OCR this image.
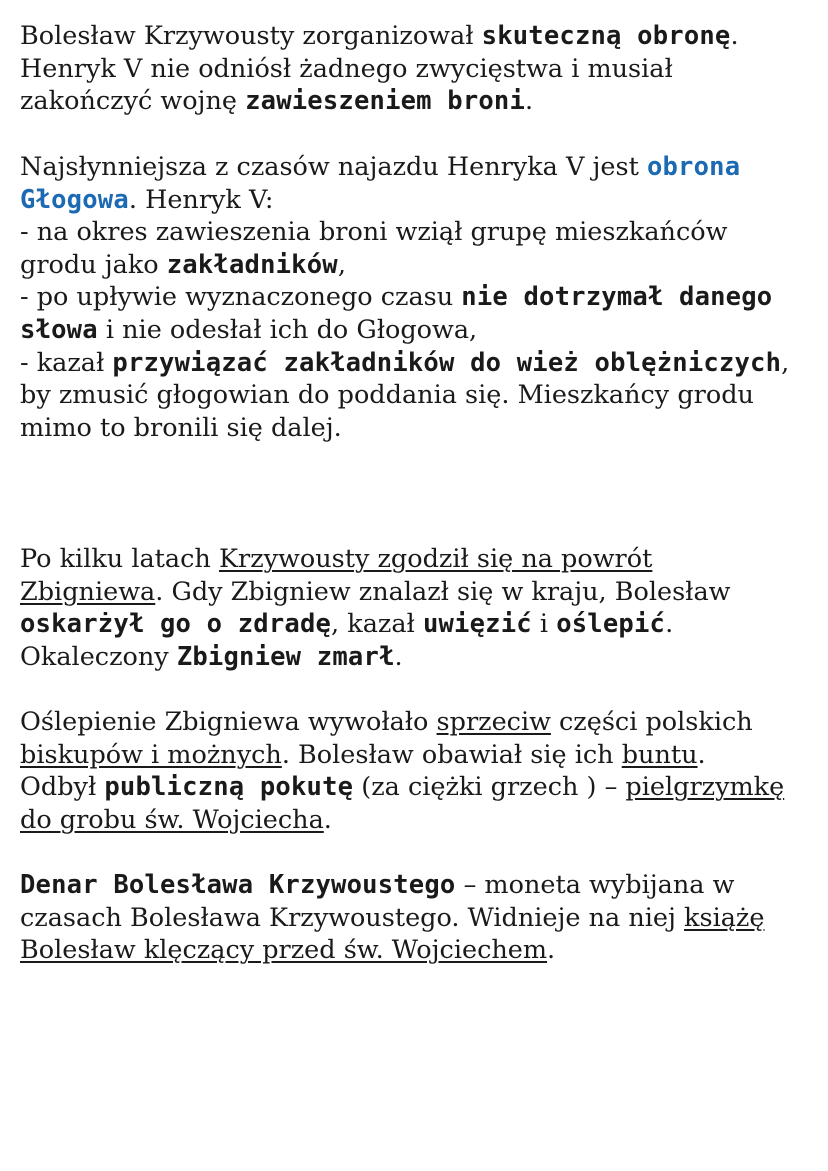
Bolesław Krzywousty zorganizował skuteczną obronę.
Henryk V nie odniósł żadnego zwycięstwa i musiał
zakończyć wojnę zawieszeniem broni.

Najsłynniejsza z czasów najazdu Henryka V jest obrona
Głogowa. Henryk V:
- na okres zawieszenia broni wziął grupę mieszkańców
grodu jako zakładników,
- po upływie wyznaczonego czasu nie dotrzymał danego
słowa i nie odesłał ich do Głogowa,
- kazał przywiązać zakładników do wież oblężniczych,
by zmusić głogowian do poddania się. Mieszkańcy grodu
mimo to bronili się dalej.

Po kilku latach Krzywousty zgodził się na powrót
Zbigniewa. Gdy Zbigniew znalazł się w kraju, Bolesław
oskarżył go o zdradę, kazał uwięzić i oślepić.
Okaleczony Zbigniew zmarł.

Oślepienie Zbigniewa wywołało sprzeciw części polskich
biskupów i możnych. Bolesław obawiał się ich buntu.
Odbył publiczną pokutę (za ciężki grzech ) – pielgrzymkę
do grobu św. Wojciecha.

Denar Bolesława Krzywoustego – moneta wybijana w
czasach Bolesława Krzywoustego. Widnieje na niej książę
Bolesław klęczący przed św. Wojciechem.
